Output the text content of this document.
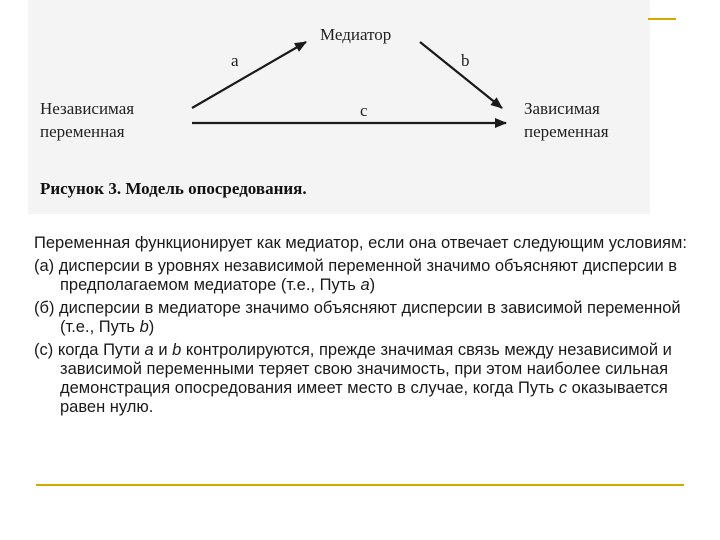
Медиатор
Независимая
переменная
Зависимая
переменная
a	b
c
Рисунок 3. Модель опосредования.

Переменная функционирует как медиатор, если она отвечает следующим условиям:

(а) дисперсии в уровнях независимой переменной значимо объясняют дисперсии в предполагаемом медиаторе (т.е., Путь a)

(б) дисперсии в медиаторе значимо объясняют дисперсии в зависимой переменной (т.е., Путь b)

(с) когда Пути a и b контролируются, прежде значимая связь между независимой и зависимой переменными теряет свою значимость, при этом наиболее сильная демонстрация опосредования имеет место в случае, когда Путь c оказывается равен нулю.
